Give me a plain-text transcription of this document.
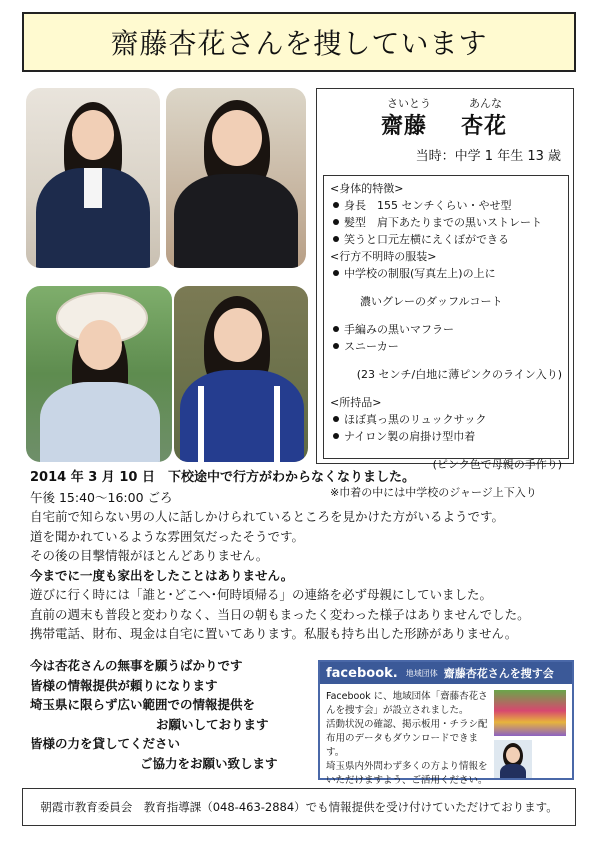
齋藤杏花さんを捜しています
さいとう	あんな
齋藤 杏花
当時：中学 1 年生 13 歳

<身体的特徴>

身長　155 センチくらい・やせ型
髪型　肩下あたりまでの黒いストレート
笑うと口元左横にえくぼができる

<行方不明時の服装>

中学校の制服(写真左上)の上に

濃いグレーのダッフルコート

手編みの黒いマフラー
スニーカー

(23 センチ/白地に薄ピンクのライン入り)

<所持品>

ほぼ真っ黒のリュックサック
ナイロン製の肩掛け型巾着

(ピンク色で母親の手作り)

※巾着の中には中学校のジャージ上下入り

2014 年 3 月 10 日　下校途中で行方がわからなくなりました。

午後 15:40〜16:00 ごろ

自宅前で知らない男の人に話しかけられているところを見かけた方がいるようです。

道を聞かれているような雰囲気だったそうです。

その後の目撃情報がほとんどありません。

今までに一度も家出をしたことはありません。

遊びに行く時には「誰と･どこへ･何時頃帰る」の連絡を必ず母親にしていました。

直前の週末も普段と変わりなく、当日の朝もまったく変わった様子はありませんでした。

携帯電話、財布、現金は自宅に置いてあります。私服も持ち出した形跡がありません。

今は杏花さんの無事を願うばかりです

皆様の情報提供が頼りになります

埼玉県に限らず広い範囲での情報提供を

お願いしております

皆様の力を貸してください

ご協力をお願い致します

facebook. 地域団体 齋藤杏花さんを捜す会

Facebook に、地域団体「齋藤杏花さ

んを捜す会」が設立されました。

活動状況の確認、掲示板用・チラシ配

布用のデータもダウンロードできます。

埼玉県内外問わず多くの方より情報を

いただけますよう、ご活用ください。

朝霞市教育委員会　教育指導課（048-463-2884）でも情報提供を受け付けていただけております。
